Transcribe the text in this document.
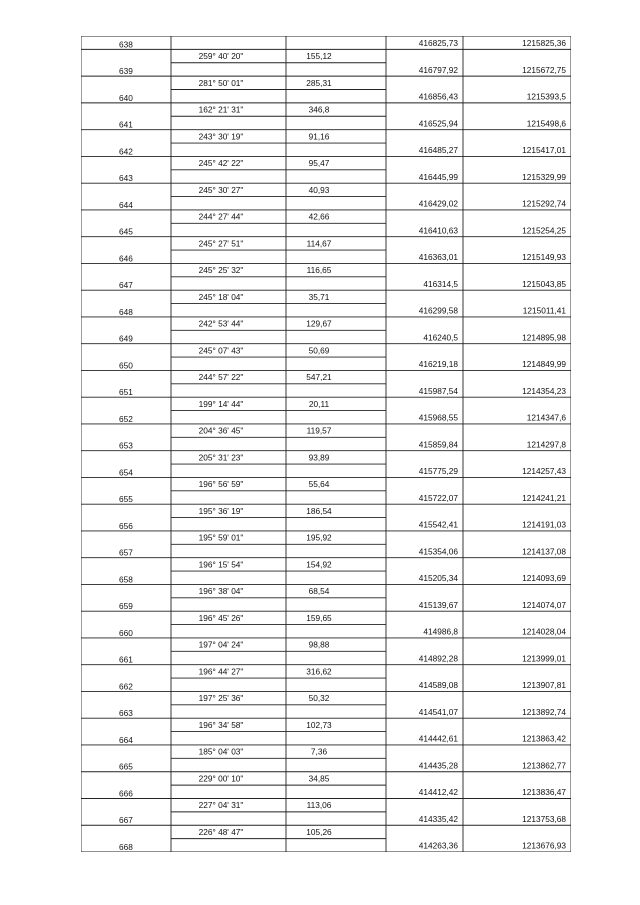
638	416825,73	1215825,36
259° 40' 20"	155,12
639	416797,92	1215672,75
281° 50' 01"	285,31
640	416856,43	1215393,5
162° 21' 31"	346,8
641	416525,94	1215498,6
243° 30' 19"	91,16
642	416485,27	1215417,01
245° 42' 22"	95,47
643	416445,99	1215329,99
245° 30' 27"	40,93
644	416429,02	1215292,74
244° 27' 44"	42,66
645	416410,63	1215254,25
245° 27' 51"	114,67
646	416363,01	1215149,93
245° 25' 32"	116,65
647	416314,5	1215043,85
245° 18' 04"	35,71
648	416299,58	1215011,41
242° 53' 44"	129,67
649	416240,5	1214895,98
245° 07' 43"	50,69
650	416219,18	1214849,99
244° 57' 22"	547,21
651	415987,54	1214354,23
199° 14' 44"	20,11
652	415968,55	1214347,6
204° 36' 45"	119,57
653	415859,84	1214297,8
205° 31' 23"	93,89
654	415775,29	1214257,43
196° 56' 59"	55,64
655	415722,07	1214241,21
195° 36' 19"	186,54
656	415542,41	1214191,03
195° 59' 01"	195,92
657	415354,06	1214137,08
196° 15' 54"	154,92
658	415205,34	1214093,69
196° 38' 04"	68,54
659	415139,67	1214074,07
196° 45' 26"	159,65
660	414986,8	1214028,04
197° 04' 24"	98,88
661	414892,28	1213999,01
196° 44' 27"	316,62
662	414589,08	1213907,81
197° 25' 36"	50,32
663	414541,07	1213892,74
196° 34' 58"	102,73
664	414442,61	1213863,42
185° 04' 03"	7,36
665	414435,28	1213862,77
229° 00' 10"	34,85
666	414412,42	1213836,47
227° 04' 31"	113,06
667	414335,42	1213753,68
226° 48' 47"	105,26
668	414263,36	1213676,93
